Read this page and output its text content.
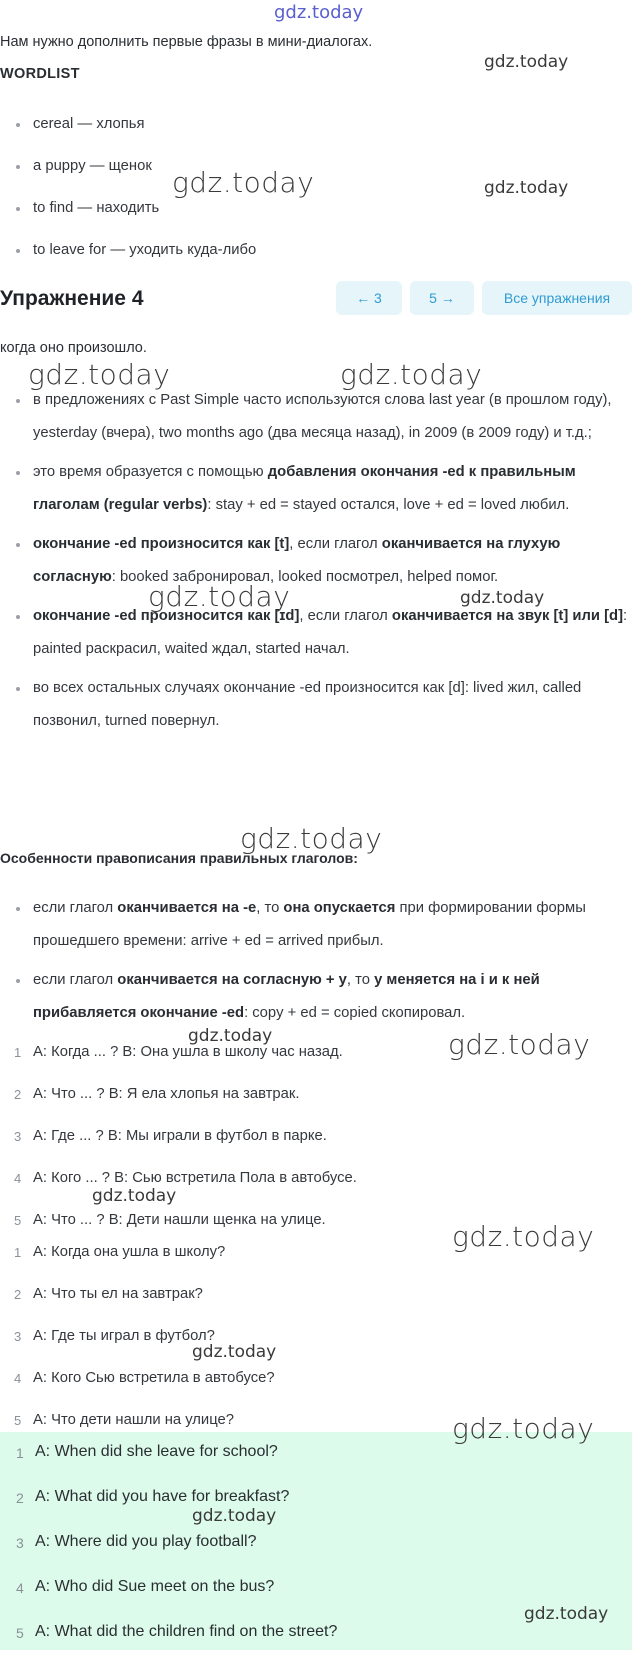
gdz.today
gdz.today
gdz.today	gdz.today
gdz.today	gdz.today
gdz.today	gdz.today
gdz.today
gdz.today	gdz.today
gdz.today
gdz.today
gdz.today
gdz.today
gdz.today
gdz.today
Нам нужно дополнить первые фразы в мини-диалогах.
WORDLIST
cereal — хлопья
a puppy — щенок
to find — находить
to leave for — уходить куда-либо
Упражнение 4	← 3	5 →	Все упражнения
когда оно произошло.
в предложениях с Past Simple часто используются слова last year (в прошлом году), yesterday (вчера), two months ago (два месяца назад), in 2009 (в 2009 году) и т.д.;
это время образуется с помощью добавления окончания -ed к правильным глаголам (regular verbs): stay + ed = stayed остался, love + ed = loved любил.
окончание -ed произносится как [t], если глагол оканчивается на глухую согласную: booked забронировал, looked посмотрел, helped помог.
окончание -ed произносится как [ɪd], если глагол оканчивается на звук [t] или [d]: painted раскрасил, waited ждал, started начал.
во всех остальных случаях окончание -ed произносится как [d]: lived жил, called позвонил, turned повернул.
Особенности правописания правильных глаголов:
если глагол оканчивается на -е, то она опускается при формировании формы прошедшего времени: arrive + ed = arrived прибыл.
если глагол оканчивается на согласную + у, то у меняется на i и к ней прибавляется окончание -ed: copy + ed = copied скопировал.
1 A: Когда ... ? B: Она ушла в школу час назад.
2 A: Что ... ? B: Я ела хлопья на завтрак.
3 A: Где ... ? B: Мы играли в футбол в парке.
4 A: Кого ... ? B: Сью встретила Пола в автобусе.
5 A: Что ... ? B: Дети нашли щенка на улице.
1 A: Когда она ушла в школу?
2 A: Что ты ел на завтрак?
3 A: Где ты играл в футбол?
4 A: Кого Сью встретила в автобусе?
5 A: Что дети нашли на улице?
1 A: When did she leave for school?
2 A: What did you have for breakfast?
3 A: Where did you play football?
4 A: Who did Sue meet on the bus?
5 A: What did the children find on the street?
